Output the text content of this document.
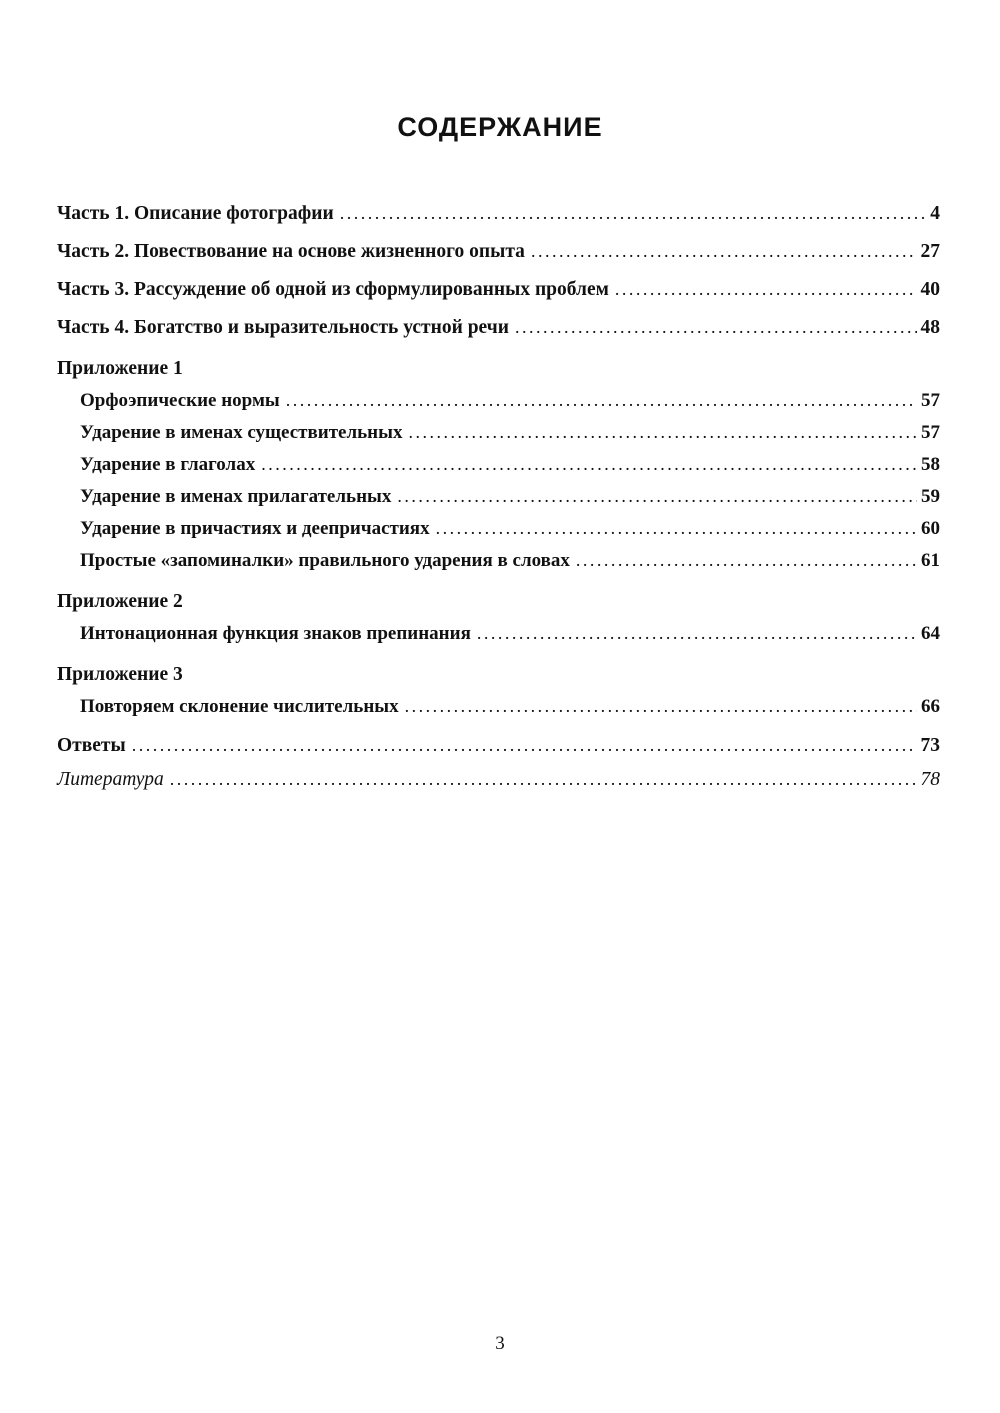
СОДЕРЖАНИЕ
Часть 1. Описание фотографии .....	4
Часть 2. Повествование на основе жизненного опыта .....	27
Часть 3. Рассуждение об одной из сформулированных проблем .....	40
Часть 4. Богатство и выразительность устной речи .....	48
Приложение 1
Орфоэпические нормы .....	57
Ударение в именах существительных .....	57
Ударение в глаголах .....	58
Ударение в именах прилагательных .....	59
Ударение в причастиях и деепричастиях .....	60
Простые «запоминалки» правильного ударения в словах .....	61
Приложение 2
Интонационная функция знаков препинания .....	64
Приложение 3
Повторяем склонение числительных .....	66
Ответы .....	73
Литература .....	78
3
